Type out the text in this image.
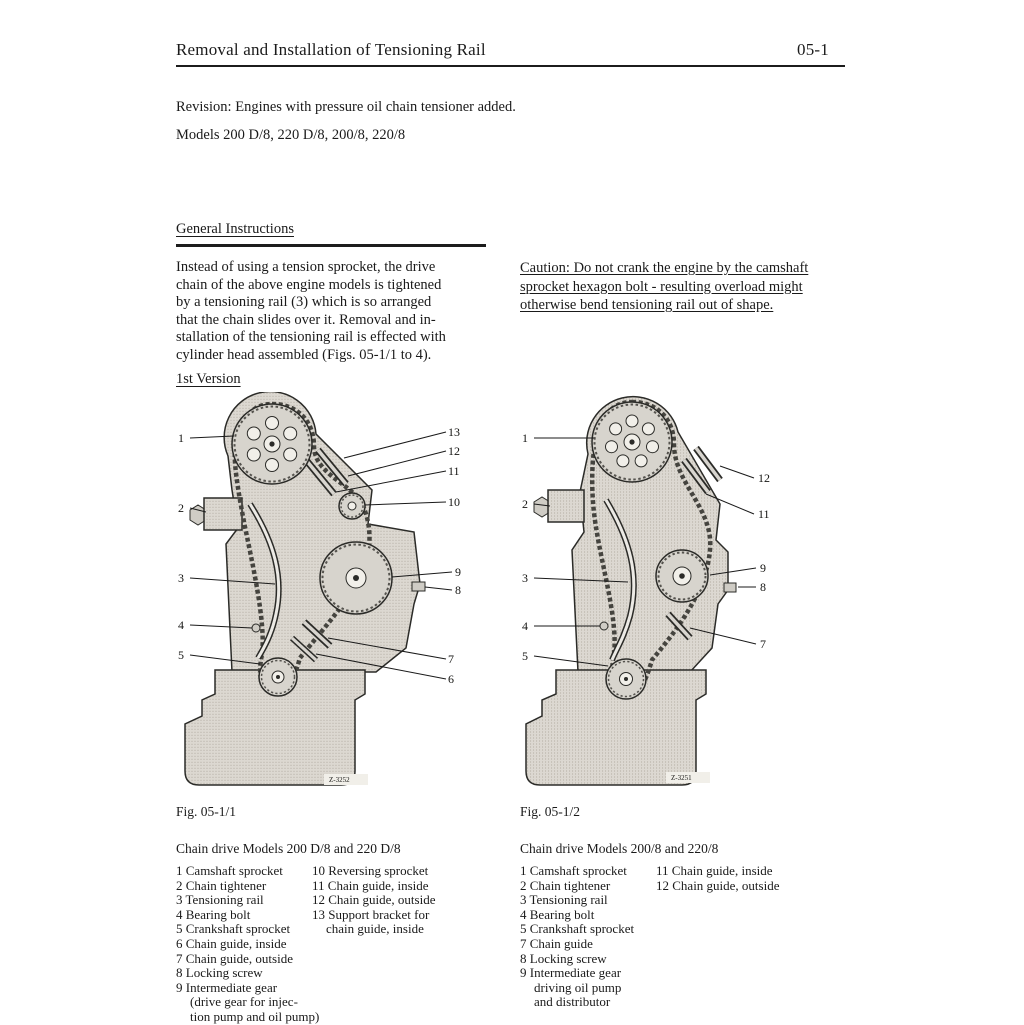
Removal and Installation of Tensioning Rail	05-1
Revision: Engines with pressure oil chain tensioner added.
Models 200 D/8, 220 D/8, 200/8, 220/8
General Instructions
Instead of using a tension sprocket, the drive
chain of the above engine models is tightened
by a tensioning rail (3) which is so arranged
that the chain slides over it. Removal and in-
stallation of the tensioning rail is effected with
cylinder head assembled (Figs. 05-1/1 to 4).
Caution: Do not crank the engine by the camshaft
sprocket hexagon bolt - resulting overload might
otherwise bend tensioning rail out of shape.
1st Version
1
2
3
4
5
13
12
11
10
9
8
7
6
Z-3252
1
2
3
4
5
12
11
9
8
7
Z-3251
Fig. 05-1/1	Fig. 05-1/2
Chain drive Models 200 D/8 and 220 D/8	Chain drive Models 200/8 and 220/8
1 Camshaft sprocket
2 Chain tightener
3 Tensioning rail
4 Bearing bolt
5 Crankshaft sprocket
6 Chain guide, inside
7 Chain guide, outside
8 Locking screw
9 Intermediate gear
(drive gear for injec-
tion pump and oil pump)
10 Reversing sprocket
11 Chain guide, inside
12 Chain guide, outside
13 Support bracket for
chain guide, inside
1 Camshaft sprocket
2 Chain tightener
3 Tensioning rail
4 Bearing bolt
5 Crankshaft sprocket
7 Chain guide
8 Locking screw
9 Intermediate gear
driving oil pump
and distributor
11 Chain guide, inside
12 Chain guide, outside
